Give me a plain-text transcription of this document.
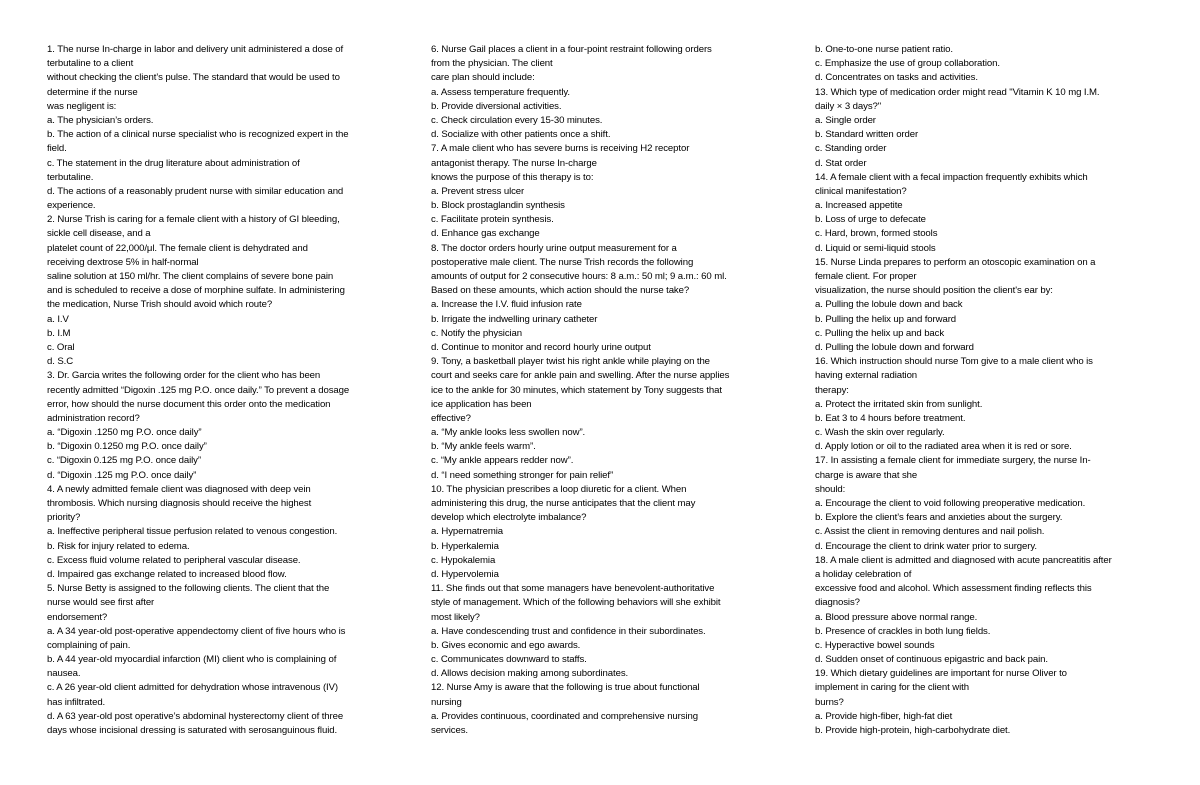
1. The nurse In-charge in labor and delivery unit administered a dose of
terbutaline to a client
without checking the client’s pulse. The standard that would be used to
determine if the nurse
was negligent is:
a. The physician’s orders.
b. The action of a clinical nurse specialist who is recognized expert in the
field.
c. The statement in the drug literature about administration of
terbutaline.
d. The actions of a reasonably prudent nurse with similar education and
experience.
2. Nurse Trish is caring for a female client with a history of GI bleeding,
sickle cell disease, and a
platelet count of 22,000/μl. The female client is dehydrated and
receiving dextrose 5% in half-normal
saline solution at 150 ml/hr. The client complains of severe bone pain
and is scheduled to receive a dose of morphine sulfate. In administering
the medication, Nurse Trish should avoid which route?
a. I.V
b. I.M
c. Oral
d. S.C
3. Dr. Garcia writes the following order for the client who has been
recently admitted “Digoxin .125 mg P.O. once daily.” To prevent a dosage
error, how should the nurse document this order onto the medication
administration record?
a. “Digoxin .1250 mg P.O. once daily”
b. “Digoxin 0.1250 mg P.O. once daily”
c. “Digoxin 0.125 mg P.O. once daily”
d. “Digoxin .125 mg P.O. once daily”
4. A newly admitted female client was diagnosed with deep vein
thrombosis. Which nursing diagnosis should receive the highest
priority?
a. Ineffective peripheral tissue perfusion related to venous congestion.
b. Risk for injury related to edema.
c. Excess fluid volume related to peripheral vascular disease.
d. Impaired gas exchange related to increased blood flow.
5. Nurse Betty is assigned to the following clients. The client that the
nurse would see first after
endorsement?
a. A 34 year-old post-operative appendectomy client of five hours who is
complaining of pain.
b. A 44 year-old myocardial infarction (MI) client who is complaining of
nausea.
c. A 26 year-old client admitted for dehydration whose intravenous (IV)
has infiltrated.
d. A 63 year-old post operative’s abdominal hysterectomy client of three
days whose incisional dressing is saturated with serosanguinous fluid.
6. Nurse Gail places a client in a four-point restraint following orders
from the physician. The client
care plan should include:
a. Assess temperature frequently.
b. Provide diversional activities.
c. Check circulation every 15-30 minutes.
d. Socialize with other patients once a shift.
7. A male client who has severe burns is receiving H2 receptor
antagonist therapy. The nurse In-charge
knows the purpose of this therapy is to:
a. Prevent stress ulcer
b. Block prostaglandin synthesis
c. Facilitate protein synthesis.
d. Enhance gas exchange
8. The doctor orders hourly urine output measurement for a
postoperative male client. The nurse Trish records the following
amounts of output for 2 consecutive hours: 8 a.m.: 50 ml; 9 a.m.: 60 ml.
Based on these amounts, which action should the nurse take?
a. Increase the I.V. fluid infusion rate
b. Irrigate the indwelling urinary catheter
c. Notify the physician
d. Continue to monitor and record hourly urine output
9. Tony, a basketball player twist his right ankle while playing on the
court and seeks care for ankle pain and swelling. After the nurse applies
ice to the ankle for 30 minutes, which statement by Tony suggests that
ice application has been
effective?
a. “My ankle looks less swollen now”.
b. “My ankle feels warm”.
c. “My ankle appears redder now”.
d. “I need something stronger for pain relief”
10. The physician prescribes a loop diuretic for a client. When
administering this drug, the nurse anticipates that the client may
develop which electrolyte imbalance?
a. Hypernatremia
b. Hyperkalemia
c. Hypokalemia
d. Hypervolemia
11. She finds out that some managers have benevolent-authoritative
style of management. Which of the following behaviors will she exhibit
most likely?
a. Have condescending trust and confidence in their subordinates.
b. Gives economic and ego awards.
c. Communicates downward to staffs.
d. Allows decision making among subordinates.
12. Nurse Amy is aware that the following is true about functional
nursing
a. Provides continuous, coordinated and comprehensive nursing
services.
b. One-to-one nurse patient ratio.
c. Emphasize the use of group collaboration.
d. Concentrates on tasks and activities.
13. Which type of medication order might read "Vitamin K 10 mg I.M.
daily × 3 days?"
a. Single order
b. Standard written order
c. Standing order
d. Stat order
14. A female client with a fecal impaction frequently exhibits which
clinical manifestation?
a. Increased appetite
b. Loss of urge to defecate
c. Hard, brown, formed stools
d. Liquid or semi-liquid stools
15. Nurse Linda prepares to perform an otoscopic examination on a
female client. For proper
visualization, the nurse should position the client's ear by:
a. Pulling the lobule down and back
b. Pulling the helix up and forward
c. Pulling the helix up and back
d. Pulling the lobule down and forward
16. Which instruction should nurse Tom give to a male client who is
having external radiation
therapy:
a. Protect the irritated skin from sunlight.
b. Eat 3 to 4 hours before treatment.
c. Wash the skin over regularly.
d. Apply lotion or oil to the radiated area when it is red or sore.
17. In assisting a female client for immediate surgery, the nurse In-
charge is aware that she
should:
a. Encourage the client to void following preoperative medication.
b. Explore the client’s fears and anxieties about the surgery.
c. Assist the client in removing dentures and nail polish.
d. Encourage the client to drink water prior to surgery.
18. A male client is admitted and diagnosed with acute pancreatitis after
a holiday celebration of
excessive food and alcohol. Which assessment finding reflects this
diagnosis?
a. Blood pressure above normal range.
b. Presence of crackles in both lung fields.
c. Hyperactive bowel sounds
d. Sudden onset of continuous epigastric and back pain.
19. Which dietary guidelines are important for nurse Oliver to
implement in caring for the client with
burns?
a. Provide high-fiber, high-fat diet
b. Provide high-protein, high-carbohydrate diet.
